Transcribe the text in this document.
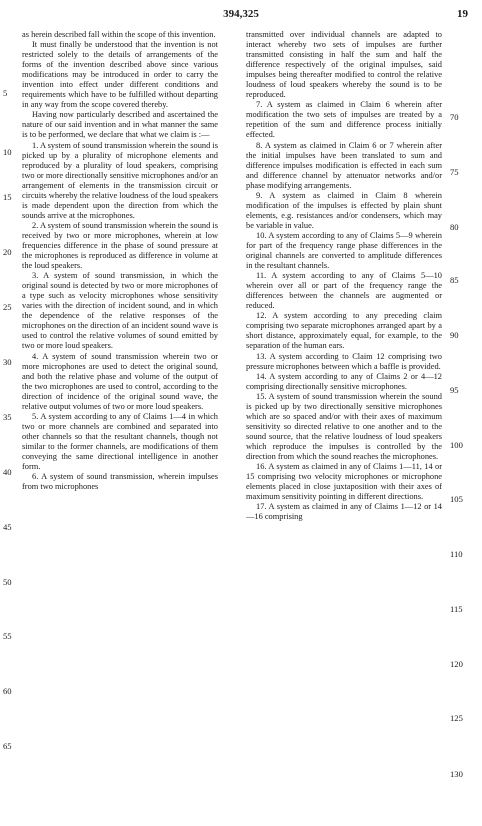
394,325	19

as herein described fall within the scope of this invention.

It must finally be understood that the invention is not restricted solely to the details of arrangements of the forms of the invention described above since various modifications may be introduced in order to carry the invention into effect under different conditions and requirements which have to be fulfilled without departing in any way from the scope covered thereby.

Having now particularly described and ascertained the nature of our said invention and in what manner the same is to be performed, we declare that what we claim is :—

1. A system of sound transmission wherein the sound is picked up by a plurality of microphone elements and reproduced by a plurality of loud speakers, comprising two or more directionally sensitive microphones and/or an arrangement of elements in the transmission circuit or circuits whereby the relative loudness of the loud speakers is made dependent upon the direction from which the sounds arrive at the microphones.

2. A system of sound transmission wherein the sound is received by two or more microphones, wherein at low frequencies difference in the phase of sound pressure at the microphones is reproduced as difference in volume at the loud speakers.

3. A system of sound transmission, in which the original sound is detected by two or more microphones of a type such as velocity microphones whose sensitivity varies with the direction of incident sound, and in which the dependence of the relative responses of the microphones on the direction of an incident sound wave is used to control the relative volumes of sound emitted by two or more loud speakers.

4. A system of sound transmission wherein two or more microphones are used to detect the original sound, and both the relative phase and volume of the output of the two microphones are used to control, according to the direction of incidence of the original sound wave, the relative output volumes of two or more loud speakers.

5. A system according to any of Claims 1—4 in which two or more channels are combined and separated into other channels so that the resultant channels, though not similar to the former channels, are modifications of them conveying the same directional intelligence in another form.

6. A system of sound transmission, wherein impulses from two microphones

transmitted over individual channels are adapted to interact whereby two sets of impulses are further transmitted consisting in half the sum and half the difference respectively of the original impulses, said impulses being thereafter modified to control the relative loudness of loud speakers whereby the sound is to be reproduced.

7. A system as claimed in Claim 6 wherein after modification the two sets of impulses are treated by a repetition of the sum and difference process initially effected.

8. A system as claimed in Claim 6 or 7 wherein after the initial impulses have been translated to sum and difference impulses modification is effected in each sum and difference channel by attenuator networks and/or phase modifying arrangements.

9. A system as claimed in Claim 8 wherein modification of the impulses is effected by plain shunt elements, e.g. resistances and/or condensers, which may be variable in value.

10. A system according to any of Claims 5—9 wherein for part of the frequency range phase differences in the original channels are converted to amplitude differences in the resultant channels.

11. A system according to any of Claims 5—10 wherein over all or part of the frequency range the differences between the channels are augmented or reduced.

12. A system according to any preceding claim comprising two separate microphones arranged apart by a short distance, approximately equal, for example, to the separation of the human ears.

13. A system according to Claim 12 comprising two pressure microphones between which a baffle is provided.

14. A system according to any of Claims 2 or 4—12 comprising directionally sensitive microphones.

15. A system of sound transmission wherein the sound is picked up by two directionally sensitive microphones which are so spaced and/or with their axes of maximum sensitivity so directed relative to one another and to the sound source, that the relative loudness of loud speakers which reproduce the impulses is controlled by the direction from which the sound reaches the microphones.

16. A system as claimed in any of Claims 1—11, 14 or 15 comprising two velocity microphones or microphone elements placed in close juxtaposition with their axes of maximum sensitivity pointing in different directions.

17. A system as claimed in any of Claims 1—12 or 14—16 comprising

5
10
15
20
25
30
35
40
45
50
55
60
65
70
75
80
85
90
95
100
105
110
115
120
125
130
